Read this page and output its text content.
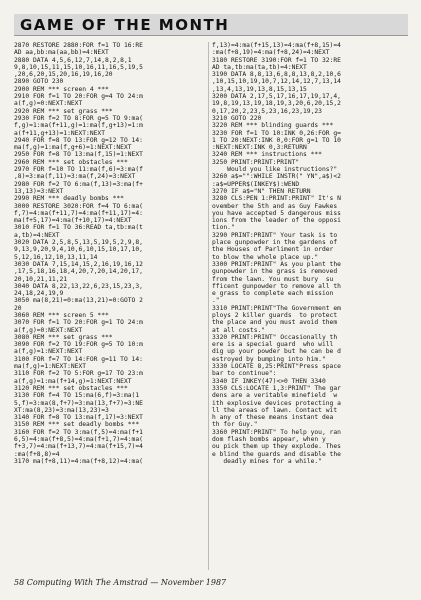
GAME OF THE MONTH
2870 RESTORE 2880:FOR f=1 TO 16:RE
AD aa,bb:ma(aa,bb)=4:NEXT
2880 DATA 4,5,6,12,7,14,8,2,8,1
9,8,10,15,11,15,10,16,11,16,5,19,5
,20,6,20,15,20,16,19,16,20
2890 GOTO 230
2900 REM *** screen 4 ***
2910 FOR f=1 TO 20:FOR g=4 TO 24:m
a(f,g)=0:NEXT:NEXT
2920 REM *** set grass ***
2930 FOR f=2 TO 8:FOR g=5 TO 9:ma(
f,g)=1:ma(f+11,g)=1:ma(f,g+13)=1:m
a(f+11,g+13)=1:NEXT:NEXT
2940 FOR f=8 TO 13:FOR g=12 TO 14:
ma(f,g)=1:ma(f,g+6)=1:NEXT:NEXT
2950 FOR f=8 TO 13:ma(f,15)=1:NEXT
2960 REM *** set obstacles ***
2970 FOR f=10 TO 11:ma(f,6)=3:ma(f
,8)=3:ma(f,11)=3:ma(f,24)=3:NEXT
2980 FOR f=2 TO 6:ma(f,13)=3:ma(f+
13,13)=3:NEXT
2990 REM *** deadly bombs ***
3000 RESTORE 3020:FOR f=4 TO 6:ma(
f,7)=4:ma(f+11,7)=4:ma(f+11,17)=4:
ma(f+5,17)=4:ma(f+10,17)=4:NEXT
3010 FOR f=1 TO 36:READ ta,tb:ma(t
a,tb)=4:NEXT
3020 DATA 2,5,8,5,13,5,19,5,2,9,8,
9,13,9,20,9,4,10,6,10,15,10,17,10,
5,12,16,12,10,13,11,14
3030 DATA 7,15,14,15,2,16,19,16,12
,17,5,18,16,18,4,20,7,20,14,20,17,
20,10,21,11,21
3040 DATA 8,22,13,22,6,23,15,23,3,
24,18,24,19,9
3050 ma(8,21)=0:ma(13,21)=0:GOTO 2
20
3060 REM *** screen 5 ***
3070 FOR f=1 TO 20:FOR g=1 TO 24:m
a(f,g)=0:NEXT:NEXT
3080 REM *** set grass ***
3090 FOR f=2 TO 19:FOR g=5 TO 10:m
a(f,g)=1:NEXT:NEXT
3100 FOR f=7 TO 14:FOR g=11 TO 14:
ma(f,g)=1:NEXT:NEXT
3110 FOR f=2 TO 5:FOR g=17 TO 23:m
a(f,g)=1:ma(f+14,g)=1:NEXT:NEXT
3120 REM *** set obstacles ***
3130 FOR f=4 TO 15:ma(6,f)=3:ma(1
5,f)=3:ma(8,f+7)=3:ma(13,f+7)=3:NE
XT:ma(8,23)=3:ma(13,23)=3
3140 FOR f=8 TO 13:ma(f,17)=3:NEXT
3150 REM *** set deadly bombs ***
3160 FOR f=2 TO 3:ma(f,5)=4:ma(f+1
6,5)=4:ma(f+8,5)=4:ma(f+1,7)=4:ma(
f+3,7)=4:ma(f+13,7)=4:ma(f+15,7)=4
:ma(f+8,8)=4
3170 ma(f+8,11)=4:ma(f+8,12)=4:ma(
f,13)=4:ma(f+15,13)=4:ma(f+8,15)=4
:ma(f+8,19)=4:ma(f+8,24)=4:NEXT
3180 RESTORE 3190:FOR f=1 TO 32:RE
AD ta,tb:ma(ta,tb)=4:NEXT
3190 DATA 8,8,13,6,8,8,13,8,2,10,6
,10,15,10,19,10,7,12,14,12,7,13,14
,13,4,13,19,13,8,15,13,15
3200 DATA 2,17,5,17,16,17,19,17,4,
19,8,19,13,19,18,19,3,20,6,20,15,2
0,17,20,2,23,5,23,16,23,19,23
3210 GOTO 220
3220 REM *** blinding guards ***
3230 FOR f=1 TO 10:INK 0,26:FOR g=
1 TO 20:NEXT:INK 0,0:FOR g=1 TO 10
:NEXT:NEXT:INK 0,3:RETURN
3240 REM *** instructions ***
3250 PRINT:PRINT:PRINT"
Would you like instructions?"
3260 a$="":WHILE INSTR(" YN",a$)<2
:a$=UPPER$(INKEY$):WEND
3270 IF a$="N" THEN RETURN
3280 CLS:PEN 1:PRINT:PRINT" It's N
ovember the 5th and as Guy Fawkes
you have accepted 5 dangerous miss
ions from the leader of the opposi
tion."
3290 PRINT:PRINT" Your task is to
place gunpowder in the gardens of
the Houses of Parliment in order
to blow the whole place up."
3300 PRINT:PRINT" As you plant the
gunpowder in the grass is removed
from the lawn. You must bury  su
fficent gunpowder to remove all th
e grass to complete each mission
."
3310 PRINT:PRINT"The Government em
ploys 2 killer guards  to protect
the place and you must avoid them
at all costs."
3320 PRINT:PRINT" Occasionally th
ere is a special guard  who will
dig up your powder but he can be d
estroyed by bumping into him."
3330 LOCATE 8,25:PRINT"Press space
bar to continue":
3340 IF INKEY(47)<>0 THEN 3340
3350 CLS:LOCATE 1,3:PRINT" The gar
dens are a veritable minefield  w
ith explosive devices protecting a
ll the areas of lawn. Contact wit
h any of these means instant dea
th for Guy."
3360 PRINT:PRINT" To help you, ran
dom flash bombs appear, when y
ou pick them up they explode. Thes
e blind the guards and disable the
deadly mines for a while."
58 Computing With The Amstrad — November 1987
